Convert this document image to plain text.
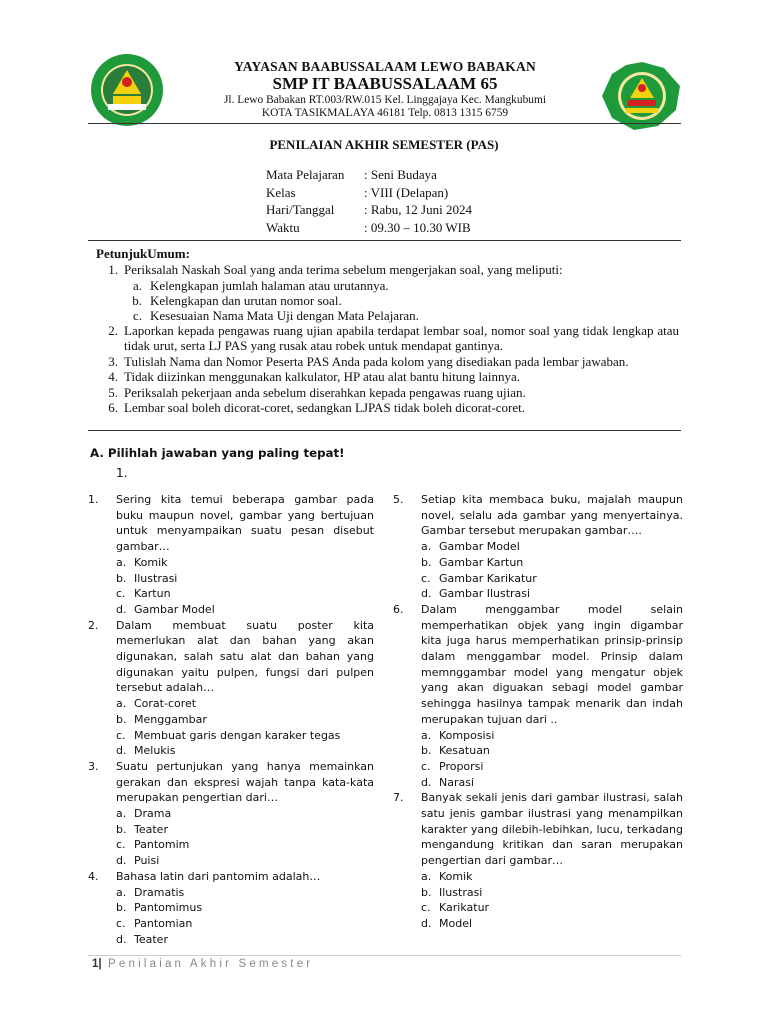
YAYASAN BAABUSSALAAM LEWO BABAKAN
SMP IT BAABUSSALAAM 65
Jl. Lewo Babakan RT.003/RW.015 Kel. Linggajaya Kec. Mangkubumi
KOTA TASIKMALAYA 46181 Telp. 0813 1315 6759
PENILAIAN AKHIR SEMESTER (PAS)
Mata Pelajaran	: Seni Budaya
Kelas	: VIII (Delapan)
Hari/Tanggal	: Rabu, 12 Juni 2024
Waktu	: 09.30 – 10.30 WIB
PetunjukUmum:
1. Periksalah Naskah Soal yang anda terima sebelum mengerjakan soal, yang meliputi:
a. Kelengkapan jumlah halaman atau urutannya.
b. Kelengkapan dan urutan nomor soal.
c. Kesesuaian Nama Mata Uji dengan Mata Pelajaran.
2. Laporkan kepada pengawas ruang ujian apabila terdapat lembar soal, nomor soal yang tidak lengkap atau tidak urut, serta LJ PAS yang rusak atau robek untuk mendapat gantinya.
3. Tulislah Nama dan Nomor Peserta PAS Anda pada kolom yang disediakan pada lembar jawaban.
4. Tidak diizinkan menggunakan kalkulator, HP atau alat bantu hitung lainnya.
5. Periksalah pekerjaan anda sebelum diserahkan kepada pengawas ruang ujian.
6. Lembar soal boleh dicorat-coret, sedangkan LJPAS tidak boleh dicorat-coret.
A. Pilihlah jawaban yang paling tepat!
1.
1.	Sering kita temui beberapa gambar pada buku maupun novel, gambar yang bertujuan untuk menyampaikan suatu pesan disebut gambar…
a. Komik
b. Ilustrasi
c. Kartun
d. Gambar Model
2.	Dalam membuat suatu poster kita memerlukan alat dan bahan yang akan digunakan, salah satu alat dan bahan yang digunakan yaitu pulpen, fungsi dari pulpen tersebut adalah…
a. Corat-coret
b. Menggambar
c. Membuat garis dengan karaker tegas
d. Melukis
3.	Suatu pertunjukan yang hanya memainkan gerakan dan ekspresi wajah tanpa kata-kata merupakan pengertian dari…
a. Drama
b. Teater
c. Pantomim
d. Puisi
4.	Bahasa latin dari pantomim adalah…
a. Dramatis
b. Pantomimus
c. Pantomian
d. Teater
5.	Setiap kita membaca buku, majalah maupun novel, selalu ada gambar yang menyertainya. Gambar tersebut merupakan gambar….
a. Gambar Model
b. Gambar Kartun
c. Gambar Karikatur
d. Gambar Ilustrasi
6.	Dalam menggambar model selain memperhatikan objek yang ingin digambar kita juga harus memperhatikan prinsip-prinsip dalam menggambar model. Prinsip dalam memnggambar model yang mengatur objek yang akan diguakan sebagi model gambar sehingga hasilnya tampak menarik dan indah merupakan tujuan dari ..
a. Komposisi
b. Kesatuan
c. Proporsi
d. Narasi
7.	Banyak sekali jenis dari gambar ilustrasi, salah satu jenis gambar ilustrasi yang menampilkan karakter yang dilebih-lebihkan, lucu, terkadang mengandung kritikan dan saran merupakan pengertian dari gambar…
a. Komik
b. Ilustrasi
c. Karikatur
d. Model
1| Penilaian Akhir Semester
